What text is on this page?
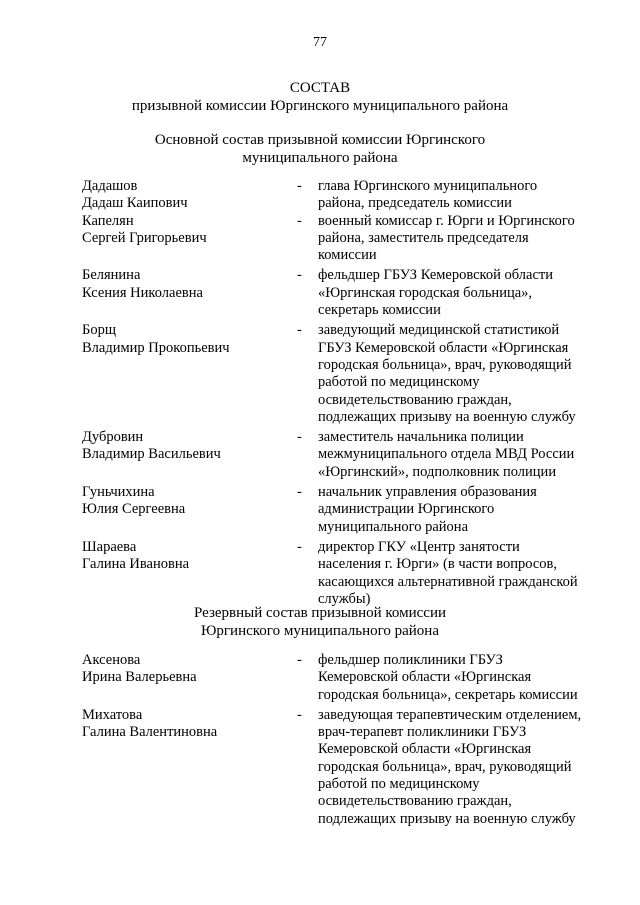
77
СОСТАВ
призывной комиссии Юргинского муниципального района
Основной состав призывной комиссии Юргинского
муниципального района
Дадашов
Дадаш Каипович
- глава Юргинского муниципального
района, председатель комиссии
Капелян
Сергей Григорьевич
- военный комиссар г. Юрги и Юргинского
района, заместитель председателя
комиссии
Белянина
Ксения Николаевна
- фельдшер ГБУЗ Кемеровской области
«Юргинская городская больница»,
секретарь комиссии
Борщ
Владимир Прокопьевич
- заведующий медицинской статистикой
ГБУЗ Кемеровской области «Юргинская
городская больница», врач, руководящий
работой по медицинскому
освидетельствованию граждан,
подлежащих призыву на военную службу
Дубровин
Владимир Васильевич
- заместитель начальника полиции
межмуниципального отдела МВД России
«Юргинский», подполковник полиции
Гуньчихина
Юлия Сергеевна
- начальник управления образования
администрации Юргинского
муниципального района
Шараева
Галина Ивановна
- директор ГКУ «Центр занятости
населения г. Юрги» (в части вопросов,
касающихся альтернативной гражданской
службы)
Резервный состав призывной комиссии
Юргинского муниципального района
Аксенова
Ирина Валерьевна
- фельдшер поликлиники ГБУЗ
Кемеровской области «Юргинская
городская больница», секретарь комиссии
Михатова
Галина Валентиновна
- заведующая терапевтическим отделением,
врач-терапевт поликлиники ГБУЗ
Кемеровской области «Юргинская
городская больница», врач, руководящий
работой по медицинскому
освидетельствованию граждан,
подлежащих призыву на военную службу
